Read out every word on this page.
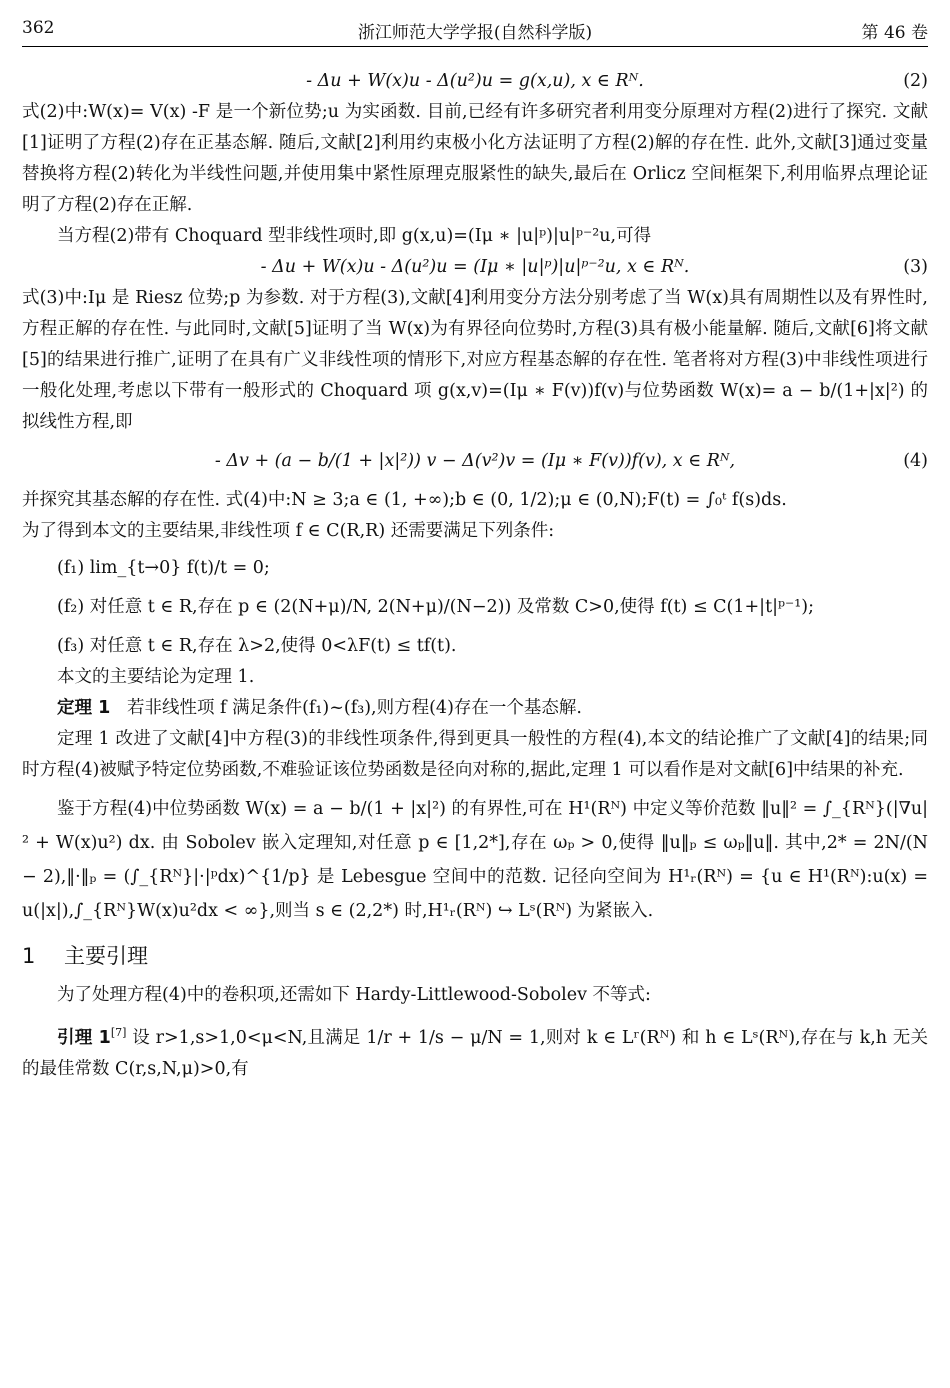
362	浙江师范大学学报(自然科学版)	第 46 卷

- Δu + W(x)u - Δ(u²)u = g(x,u), x ∈ Rᴺ.	(2)

式(2)中:W(x)= V(x) -F 是一个新位势;u 为实函数. 目前,已经有许多研究者利用变分原理对方程(2)进行了探究. 文献[1]证明了方程(2)存在正基态解. 随后,文献[2]利用约束极小化方法证明了方程(2)解的存在性. 此外,文献[3]通过变量替换将方程(2)转化为半线性问题,并使用集中紧性原理克服紧性的缺失,最后在 Orlicz 空间框架下,利用临界点理论证明了方程(2)存在正解.

当方程(2)带有 Choquard 型非线性项时,即 g(x,u)=(Iμ ∗ |u|ᵖ)|u|ᵖ⁻²u,可得

- Δu + W(x)u - Δ(u²)u = (Iμ ∗ |u|ᵖ)|u|ᵖ⁻²u, x ∈ Rᴺ.	(3)

式(3)中:Iμ 是 Riesz 位势;p 为参数. 对于方程(3),文献[4]利用变分方法分别考虑了当 W(x)具有周期性以及有界性时,方程正解的存在性. 与此同时,文献[5]证明了当 W(x)为有界径向位势时,方程(3)具有极小能量解. 随后,文献[6]将文献[5]的结果进行推广,证明了在具有广义非线性项的情形下,对应方程基态解的存在性. 笔者将对方程(3)中非线性项进行一般化处理,考虑以下带有一般形式的 Choquard 项 g(x,v)=(Iμ ∗ F(v))f(v)与位势函数 W(x)= a − b/(1+|x|²) 的拟线性方程,即

- Δv + (a − b/(1 + |x|²)) v − Δ(v²)v = (Iμ ∗ F(v))f(v), x ∈ Rᴺ,	(4)

并探究其基态解的存在性. 式(4)中:N ≥ 3;a ∈ (1, +∞);b ∈ (0, 1/2);μ ∈ (0,N);F(t) = ∫₀ᵗ f(s)ds.

为了得到本文的主要结果,非线性项 f ∈ C(R,R) 还需要满足下列条件:

(f₁) lim_{t→0} f(t)/t = 0;

(f₂) 对任意 t ∈ R,存在 p ∈ (2(N+μ)/N, 2(N+μ)/(N−2)) 及常数 C>0,使得 f(t) ≤ C(1+|t|ᵖ⁻¹);

(f₃) 对任意 t ∈ R,存在 λ>2,使得 0<λF(t) ≤ tf(t).

本文的主要结论为定理 1.

定理 1 若非线性项 f 满足条件(f₁)~(f₃),则方程(4)存在一个基态解.

定理 1 改进了文献[4]中方程(3)的非线性项条件,得到更具一般性的方程(4),本文的结论推广了文献[4]的结果;同时方程(4)被赋予特定位势函数,不难验证该位势函数是径向对称的,据此,定理 1 可以看作是对文献[6]中结果的补充.

鉴于方程(4)中位势函数 W(x) = a − b/(1 + |x|²) 的有界性,可在 H¹(Rᴺ) 中定义等价范数 ‖u‖² = ∫_{Rᴺ}(|∇u|² + W(x)u²) dx. 由 Sobolev 嵌入定理知,对任意 p ∈ [1,2*],存在 ωₚ > 0,使得 ‖u‖ₚ ≤ ωₚ‖u‖. 其中,2* = 2N/(N − 2),‖·‖ₚ = (∫_{Rᴺ}|·|ᵖdx)^{1/p} 是 Lebesgue 空间中的范数. 记径向空间为 H¹ᵣ(Rᴺ) = {u ∈ H¹(Rᴺ):u(x) = u(|x|),∫_{Rᴺ}W(x)u²dx < ∞},则当 s ∈ (2,2*) 时,H¹ᵣ(Rᴺ) ↪ Lˢ(Rᴺ) 为紧嵌入.

1 主要引理

为了处理方程(4)中的卷积项,还需如下 Hardy-Littlewood-Sobolev 不等式:

引理 1[7] 设 r>1,s>1,0<μ<N,且满足 1/r + 1/s − μ/N = 1,则对 k ∈ Lʳ(Rᴺ) 和 h ∈ Lˢ(Rᴺ),存在与 k,h 无关的最佳常数 C(r,s,N,μ)>0,有
